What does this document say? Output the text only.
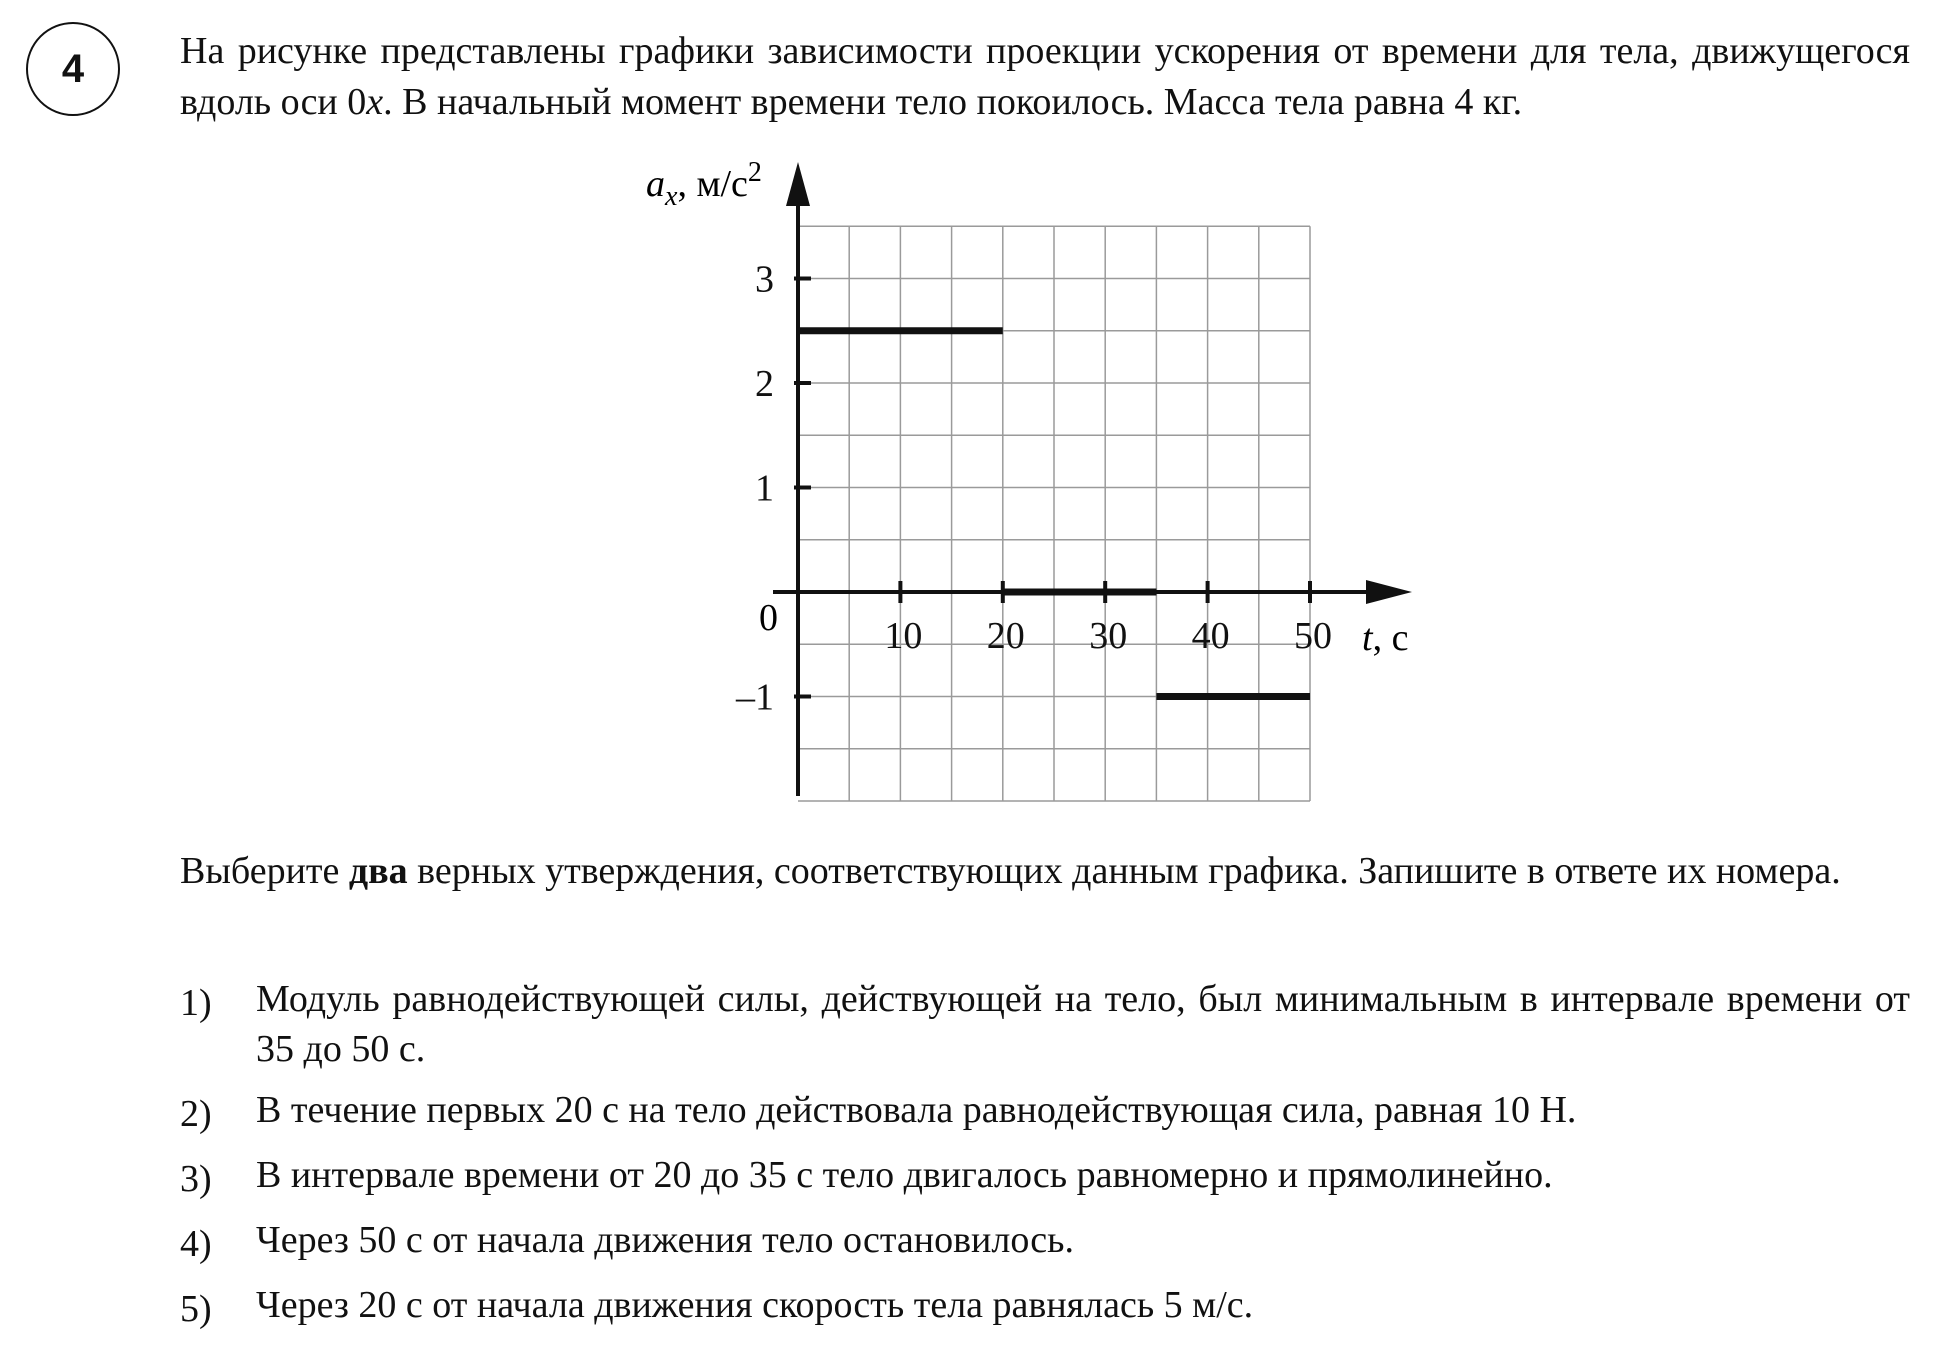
4	На рисунке представлены графики зависимости проекции ускорения от времени для тела, движущегося вдоль оси 0x. В начальный момент времени тело покоилось. Масса тела равна 4 кг.
10 20 30 40 50
3
2
1
–1
0
$a_x$, $м/с^2$
t, с
Выберите два верных утверждения, соответствующих данным графика. Запишите в ответе их номера.
1)	Модуль равнодействующей силы, действующей на тело, был минимальным в интервале времени от 35 до 50 с.
2)	В течение первых 20 с на тело действовала равнодействующая сила, равная 10 Н.
3)	В интервале времени от 20 до 35 с тело двигалось равномерно и прямолинейно.
4)	Через 50 с от начала движения тело остановилось.
5)	Через 20 с от начала движения скорость тела равнялась 5 м/с.
